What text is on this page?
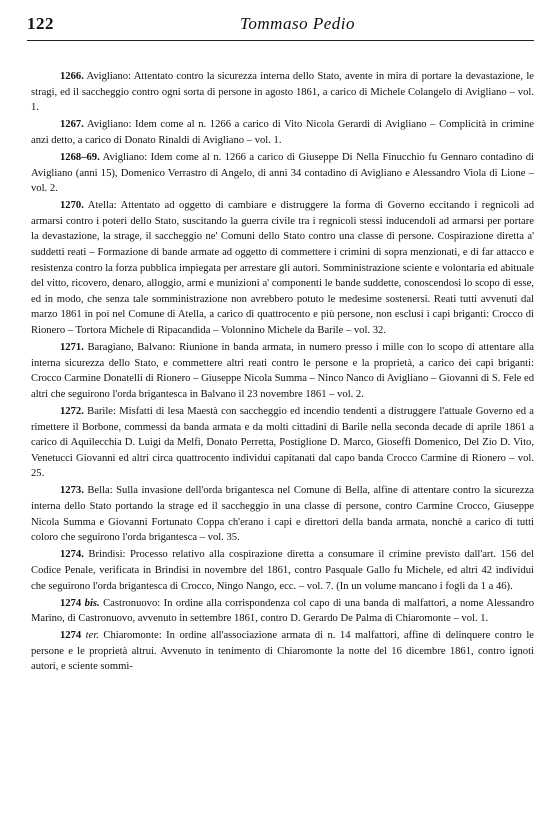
122	Tommaso Pedio

1266. Avigliano: Attentato contro la sicurezza interna dello Stato, avente in mira di portare la devastazione, le stragi, ed il saccheggio contro ogni sorta di persone in agosto 1861, a carico di Michele Colangelo di Avigliano – vol. 1.

1267. Avigliano: Idem come al n. 1266 a carico di Vito Nicola Gerardi di Avigliano – Complicità in crimine anzi detto, a carico di Donato Rinaldi di Avigliano – vol. 1.

1268–69. Avigliano: Idem come al n. 1266 a carico di Giuseppe Di Nella Finucchio fu Gennaro contadino di Avigliano (anni 15), Domenico Verrastro di Angelo, di anni 34 contadino di Avigliano e Alessandro Viola di Lione – vol. 2.

1270. Atella: Attentato ad oggetto di cambiare e distruggere la forma di Governo eccitando i regnicoli ad armarsi contro i poteri dello Stato, suscitando la guerra civile tra i regnicoli stessi inducendoli ad armarsi per portare la devastazione, la strage, il saccheggio ne' Comuni dello Stato contro una classe di persone. Cospirazione diretta a' suddetti reati – Formazione di bande armate ad oggetto di commettere i crimini di sopra menzionati, e di far attacco e resistenza contro la forza pubblica impiegata per arrestare gli autori. Somministrazione sciente e volontaria ed abituale del vitto, ricovero, denaro, alloggio, armi e munizioni a' componenti le bande suddette, conoscendosi lo scopo di esse, ed in modo, che senza tale somministrazione non avrebbero potuto le medesime sostenersi. Reati tutti avvenuti dal marzo 1861 in poi nel Comune di Atella, a carico di quattrocento e più persone, non esclusi i capi briganti: Crocco di Rionero – Tortora Michele di Ripacandida – Volonnino Michele da Barile – vol. 32.

1271. Baragiano, Balvano: Riunione in banda armata, in numero presso i mille con lo scopo di attentare alla interna sicurezza dello Stato, e commettere altri reati contro le persone e la proprietà, a carico dei capi briganti: Crocco Carmine Donatelli di Rionero – Giuseppe Nicola Summa – Ninco Nanco di Avigliano – Giovanni di S. Fele ed altri che seguirono l'orda brigantesca in Balvano il 23 novembre 1861 – vol. 2.

1272. Barile: Misfatti di lesa Maestà con saccheggio ed incendio tendenti a distruggere l'attuale Governo ed a rimettere il Borbone, commessi da banda armata e da molti cittadini di Barile nella seconda decade di aprile 1861 a carico di Aquilecchia D. Luigi da Melfi, Donato Perretta, Postiglione D. Marco, Gioseffi Domenico, Del Zio D. Vito, Venetucci Giovanni ed altri circa quattrocento individui capitanati dal capo banda Crocco Carmine di Rionero – vol. 25.

1273. Bella: Sulla invasione dell'orda brigantesca nel Comune di Bella, alfine di attentare contro la sicurezza interna dello Stato portando la strage ed il saccheggio in una classe di persone, contro Carmine Crocco, Giuseppe Nicola Summa e Giovanni Fortunato Coppa ch'erano i capi e direttori della banda armata, nonchè a carico di tutti coloro che seguirono l'orda brigantesca – vol. 35.

1274. Brindisi: Processo relativo alla cospirazione diretta a consumare il crimine previsto dall'art. 156 del Codice Penale, verificata in Brindisi in novembre del 1861, contro Pasquale Gallo fu Michele, ed altri 42 individui che seguirono l'orda brigantesca di Crocco, Ningo Nango, ecc. – vol. 7. (In un volume mancano i fogli da 1 a 46).

1274 bis. Castronuovo: In ordine alla corrispondenza col capo di una banda di malfattori, a nome Alessandro Marino, di Castronuovo, avvenuto in settembre 1861, contro D. Gerardo De Palma di Chiaromonte – vol. 1.

1274 ter. Chiaromonte: In ordine all'associazione armata di n. 14 malfattori, affine di delinquere contro le persone e le proprietà altrui. Avvenuto in tenimento di Chiaromonte la notte del 16 dicembre 1861, contro ignoti autori, e sciente sommi-
